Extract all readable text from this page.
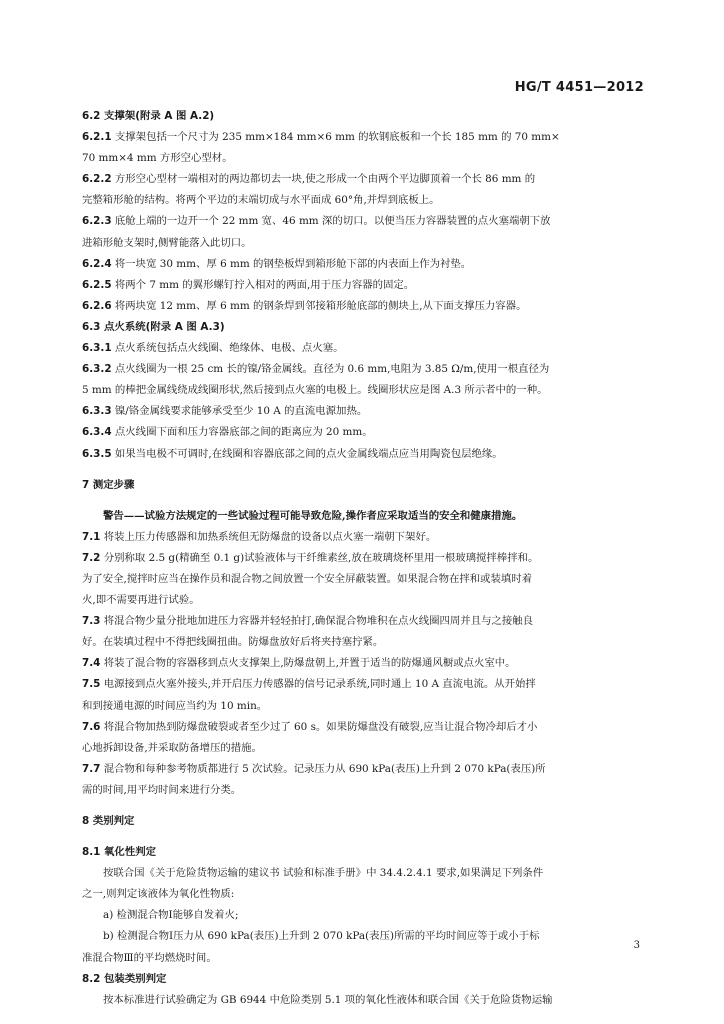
HG/T 4451—2012
6.2 支撑架(附录 A 图 A.2)
6.2.1 支撑架包括一个尺寸为 235 mm×184 mm×6 mm 的软钢底板和一个长 185 mm 的 70 mm×
70 mm×4 mm 方形空心型材。
6.2.2 方形空心型材一端相对的两边都切去一块,使之形成一个由两个平边脚顶着一个长 86 mm 的
完整箱形舱的结构。将两个平边的末端切成与水平面成 60°角,并焊到底板上。
6.2.3 底舱上端的一边开一个 22 mm 宽、46 mm 深的切口。以便当压力容器装置的点火塞端朝下放
进箱形舱支架时,侧臂能落入此切口。
6.2.4 将一块宽 30 mm、厚 6 mm 的钢垫板焊到箱形舱下部的内表面上作为衬垫。
6.2.5 将两个 7 mm 的翼形螺钉拧入相对的两面,用于压力容器的固定。
6.2.6 将两块宽 12 mm、厚 6 mm 的钢条焊到邻接箱形舱底部的侧块上,从下面支撑压力容器。
6.3 点火系统(附录 A 图 A.3)
6.3.1 点火系统包括点火线圈、绝缘体、电极、点火塞。
6.3.2 点火线圈为一根 25 cm 长的镍/铬金属线。直径为 0.6 mm,电阻为 3.85 Ω/m,使用一根直径为
5 mm 的棒把金属线绕成线圈形状,然后接到点火塞的电极上。线圈形状应是图 A.3 所示者中的一种。
6.3.3 镍/铬金属线要求能够承受至少 10 A 的直流电源加热。
6.3.4 点火线圈下面和压力容器底部之间的距离应为 20 mm。
6.3.5 如果当电极不可调时,在线圈和容器底部之间的点火金属线端点应当用陶瓷包层绝缘。
7 测定步骤
警告——试验方法规定的一些试验过程可能导致危险,操作者应采取适当的安全和健康措施。
7.1 将装上压力传感器和加热系统但无防爆盘的设备以点火塞一端朝下架好。
7.2 分别称取 2.5 g(精确至 0.1 g)试验液体与干纤维素丝,放在玻璃烧杯里用一根玻璃搅拌棒拌和。
为了安全,搅拌时应当在操作员和混合物之间放置一个安全屏蔽装置。如果混合物在拌和或装填时着
火,即不需要再进行试验。
7.3 将混合物少量分批地加进压力容器并轻轻拍打,确保混合物堆积在点火线圈四周并且与之接触良
好。在装填过程中不得把线圈扭曲。防爆盘放好后将夹持塞拧紧。
7.4 将装了混合物的容器移到点火支撑架上,防爆盘朝上,并置于适当的防爆通风橱或点火室中。
7.5 电源接到点火塞外接头,并开启压力传感器的信号记录系统,同时通上 10 A 直流电流。从开始拌
和到接通电源的时间应当约为 10 min。
7.6 将混合物加热到防爆盘破裂或者至少过了 60 s。如果防爆盘没有破裂,应当让混合物冷却后才小
心地拆卸设备,并采取防备增压的措施。
7.7 混合物和每种参考物质都进行 5 次试验。记录压力从 690 kPa(表压)上升到 2 070 kPa(表压)所
需的时间,用平均时间来进行分类。
8 类别判定
8.1 氧化性判定
按联合国《关于危险货物运输的建议书 试验和标准手册》中 34.4.2.4.1 要求,如果满足下列条件
之一,则判定该液体为氧化性物质:
a) 检测混合物Ⅰ能够自发着火;
b) 检测混合物Ⅰ压力从 690 kPa(表压)上升到 2 070 kPa(表压)所需的平均时间应等于或小于标
准混合物Ⅲ的平均燃烧时间。
8.2 包装类别判定
按本标准进行试验确定为 GB 6944 中危险类别 5.1 项的氧化性液体和联合国《关于危险货物运输
3
